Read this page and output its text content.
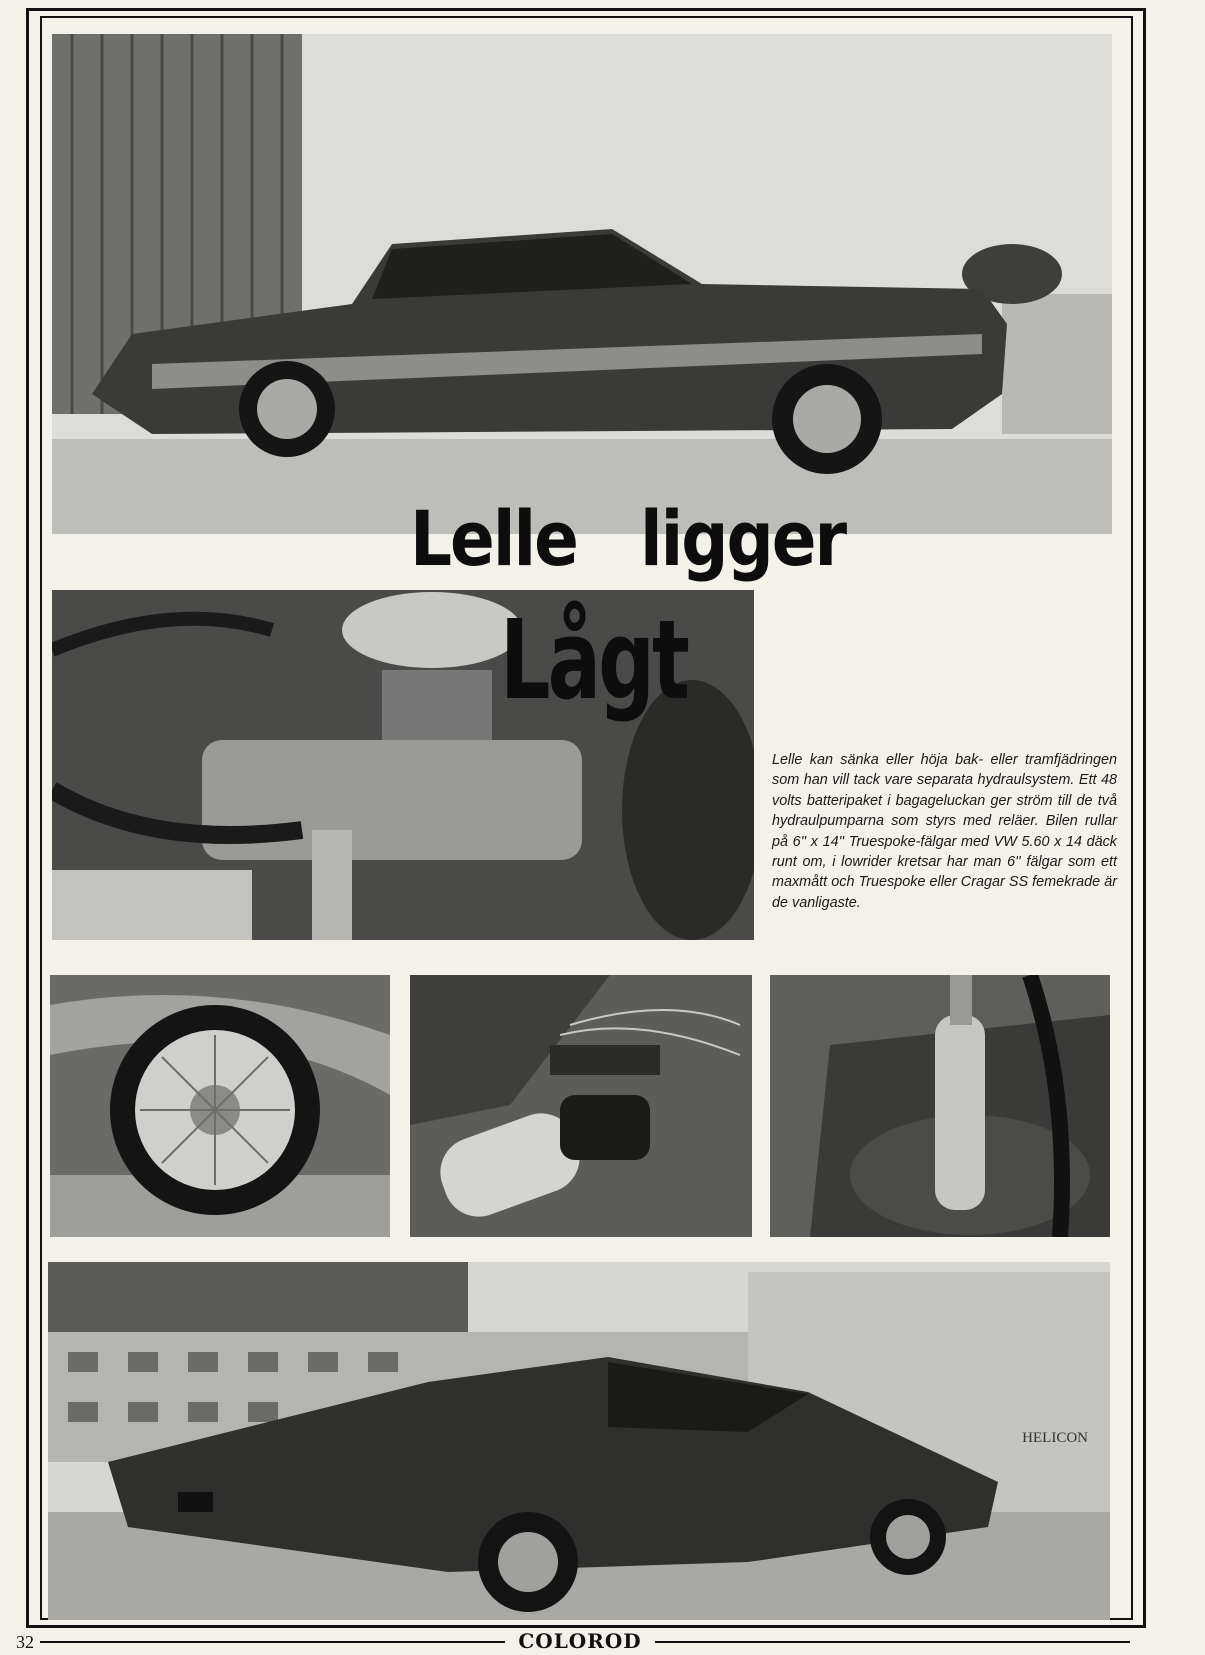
Lelle ligger
Lågt
Lelle kan sänka eller höja bak- eller tramfjädringen som han vill tack vare separata hydraulsystem. Ett 48 volts batteripaket i bagageluckan ger ström till de två hydraulpumparna som styrs med reläer. Bilen rullar på 6'' x 14'' Truespoke-fälgar med VW 5.60 x 14 däck runt om, i lowrider kretsar har man 6'' fälgar som ett maxmått och Truespoke eller Cragar SS femekrade är de vanligaste.
HELICON
32	COLOROD
